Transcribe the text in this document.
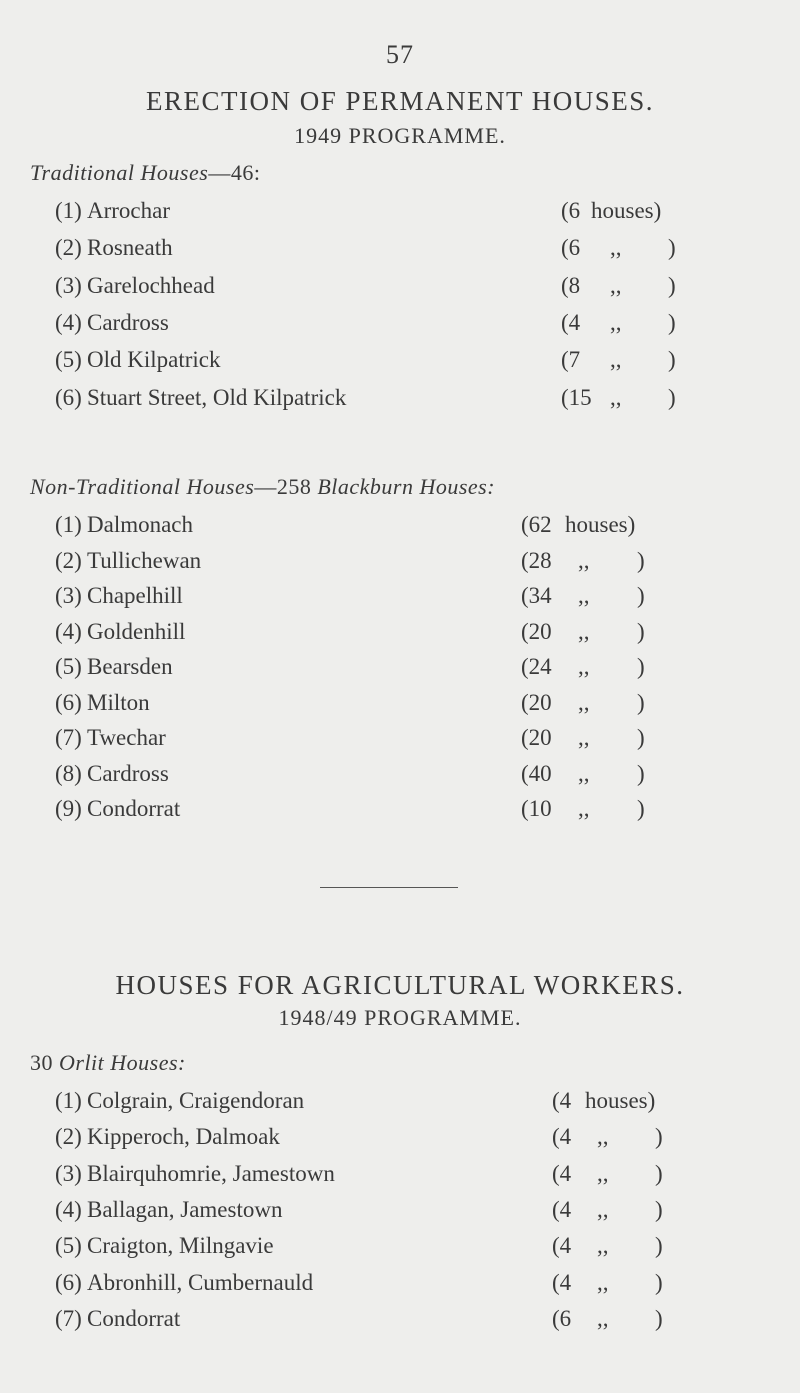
57
ERECTION OF PERMANENT HOUSES.
1949 PROGRAMME.
Traditional Houses—46:
(1) Arrochar	(6 houses)
(2) Rosneath	(6 ,, )
(3) Garelochhead	(8 ,, )
(4) Cardross	(4 ,, )
(5) Old Kilpatrick	(7 ,, )
(6) Stuart Street, Old Kilpatrick	(15 ,, )
Non-Traditional Houses—258 Blackburn Houses:
(1) Dalmonach	(62 houses)
(2) Tullichewan	(28 ,, )
(3) Chapelhill	(34 ,, )
(4) Goldenhill	(20 ,, )
(5) Bearsden	(24 ,, )
(6) Milton	(20 ,, )
(7) Twechar	(20 ,, )
(8) Cardross	(40 ,, )
(9) Condorrat	(10 ,, )
HOUSES FOR AGRICULTURAL WORKERS.
1948/49 PROGRAMME.
30 Orlit Houses:
(1) Colgrain, Craigendoran	(4 houses)
(2) Kipperoch, Dalmoak	(4 ,, )
(3) Blairquhomrie, Jamestown	(4 ,, )
(4) Ballagan, Jamestown	(4 ,, )
(5) Craigton, Milngavie	(4 ,, )
(6) Abronhill, Cumbernauld	(4 ,, )
(7) Condorrat	(6 ,, )
